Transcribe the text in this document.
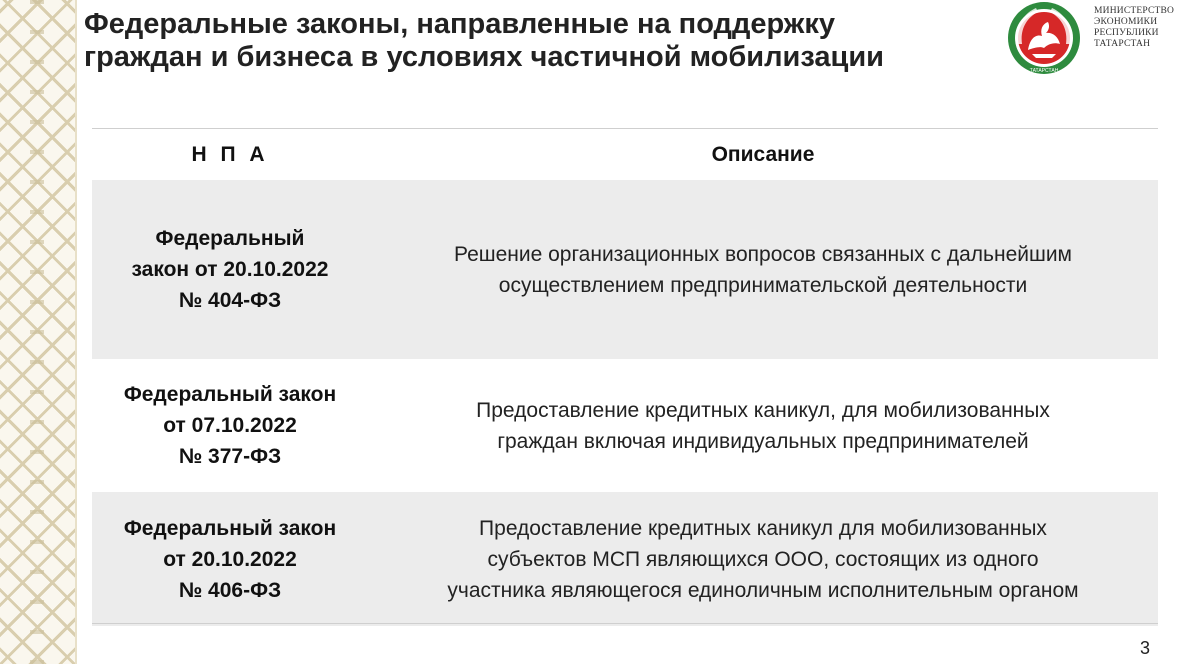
Федеральные законы, направленные на поддержку
граждан и бизнеса в условиях частичной мобилизации	ТАТАРСТАН
МИНИСТЕРСТВО
ЭКОНОМИКИ
РЕСПУБЛИКИ
ТАТАРСТАН
Н П А	Описание
Федеральный
закон от 20.10.2022
№ 404-ФЗ
Решение организационных вопросов связанных с дальнейшим
осуществлением предпринимательской деятельности
Федеральный закон
от 07.10.2022
№ 377-ФЗ
Предоставление кредитных каникул, для мобилизованных
граждан включая индивидуальных предпринимателей
Федеральный закон
от 20.10.2022
№ 406-ФЗ
Предоставление кредитных каникул для мобилизованных
субъектов МСП являющихся ООО, состоящих из одного
участника являющегося единоличным исполнительным органом
3
